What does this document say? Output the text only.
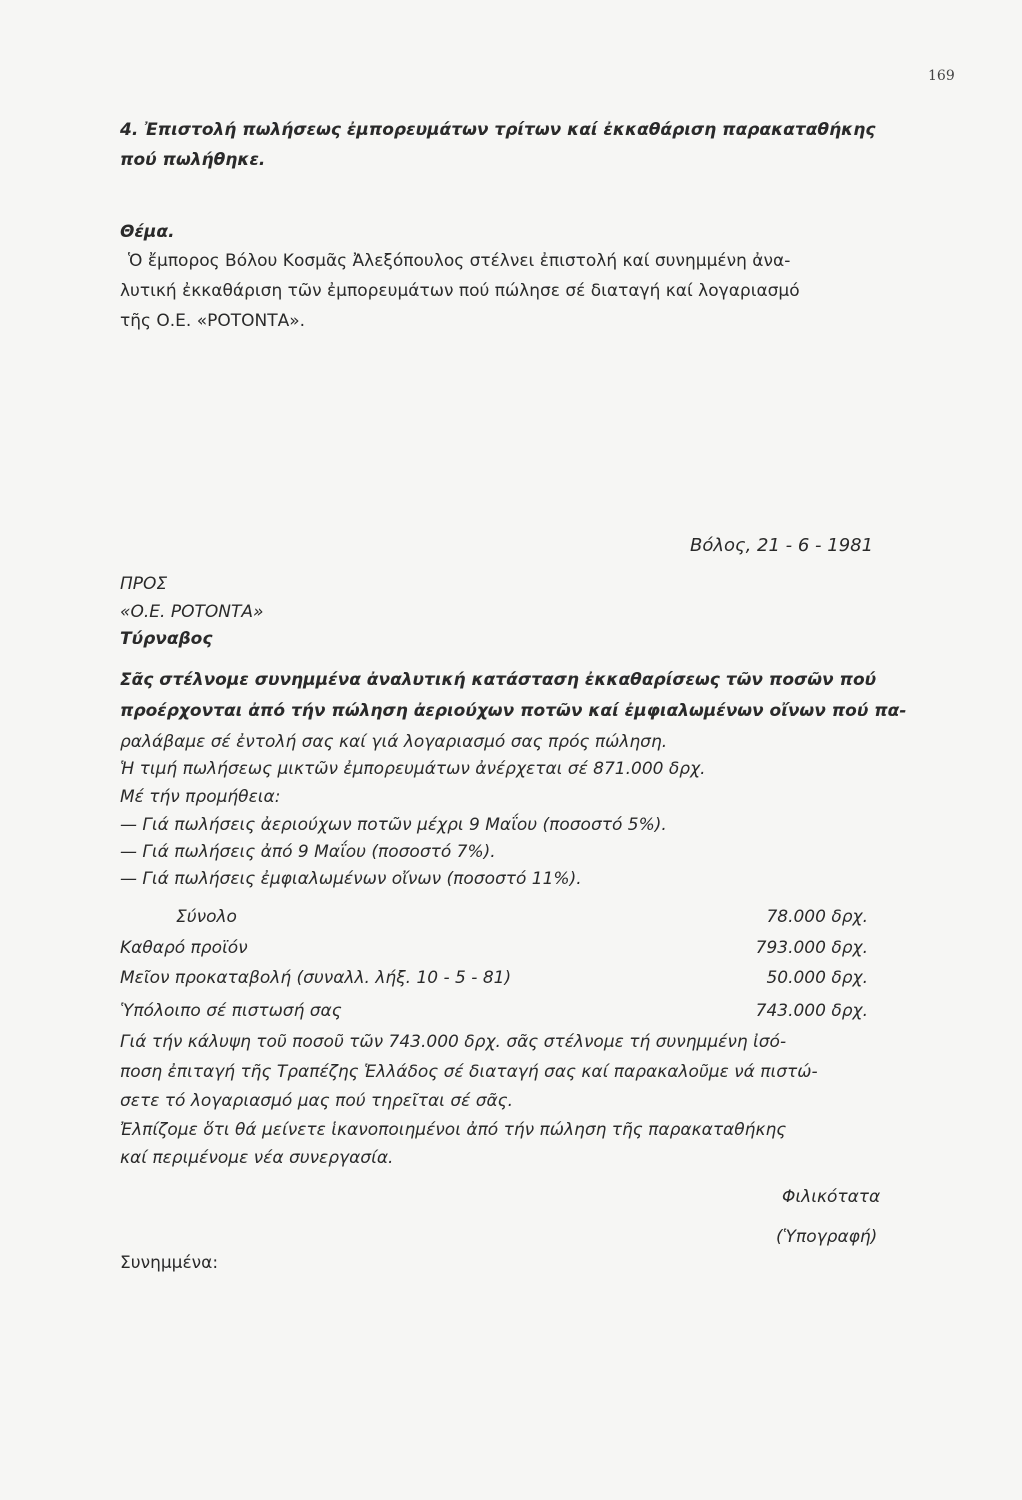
169
4. Ἐπιστολή πωλήσεως ἐμπορευμάτων τρίτων καί ἐκκαθάριση παρακαταθήκης
πού πωλήθηκε.
Θέμα.
Ὁ ἔμπορος Βόλου Κοσμᾶς Ἀλεξόπουλος στέλνει ἐπιστολή καί συνημμένη ἀνα-
λυτική ἐκκαθάριση τῶν ἐμπορευμάτων πού πώλησε σέ διαταγή καί λογαριασμό
τῆς Ο.Ε. «ΡΟΤΟΝΤΑ».
Βόλος, 21 - 6 - 1981
ΠΡΟΣ
«Ο.Ε. ΡΟΤΟΝΤΑ»
Τύρναβος
Σᾶς στέλνομε συνημμένα ἀναλυτική κατάσταση ἐκκαθαρίσεως τῶν ποσῶν πού
προέρχονται ἀπό τήν πώληση ἀεριούχων ποτῶν καί ἐμφιαλωμένων οἴνων πού πα-
ραλάβαμε σέ ἐντολή σας καί γιά λογαριασμό σας πρός πώληση.
Ἡ τιμή πωλήσεως μικτῶν ἐμπορευμάτων ἀνέρχεται σέ 871.000 δρχ.
Μέ τήν προμήθεια:
— Γιά πωλήσεις ἀεριούχων ποτῶν μέχρι 9 Μαΐου (ποσοστό 5%).
— Γιά πωλήσεις ἀπό 9 Μαΐου (ποσοστό 7%).
— Γιά πωλήσεις ἐμφιαλωμένων οἴνων (ποσοστό 11%).
Σύνολο	78.000 δρχ.
Καθαρό προϊόν	793.000 δρχ.
Μεῖον προκαταβολή (συναλλ. λήξ. 10 - 5 - 81)	50.000 δρχ.
Ὑπόλοιπο σέ πιστωσή σας	743.000 δρχ.
Γιά τήν κάλυψη τοῦ ποσοῦ τῶν 743.000 δρχ. σᾶς στέλνομε τή συνημμένη ἰσό-
ποση ἐπιταγή τῆς Τραπέζης Ἑλλάδος σέ διαταγή σας καί παρακαλοῦμε νά πιστώ-
σετε τό λογαριασμό μας πού τηρεῖται σέ σᾶς.
Ἐλπίζομε ὅτι θά μείνετε ἱκανοποιημένοι ἀπό τήν πώληση τῆς παρακαταθήκης
καί περιμένομε νέα συνεργασία.
Φιλικότατα
(Ὑπογραφή)
Συνημμένα:
